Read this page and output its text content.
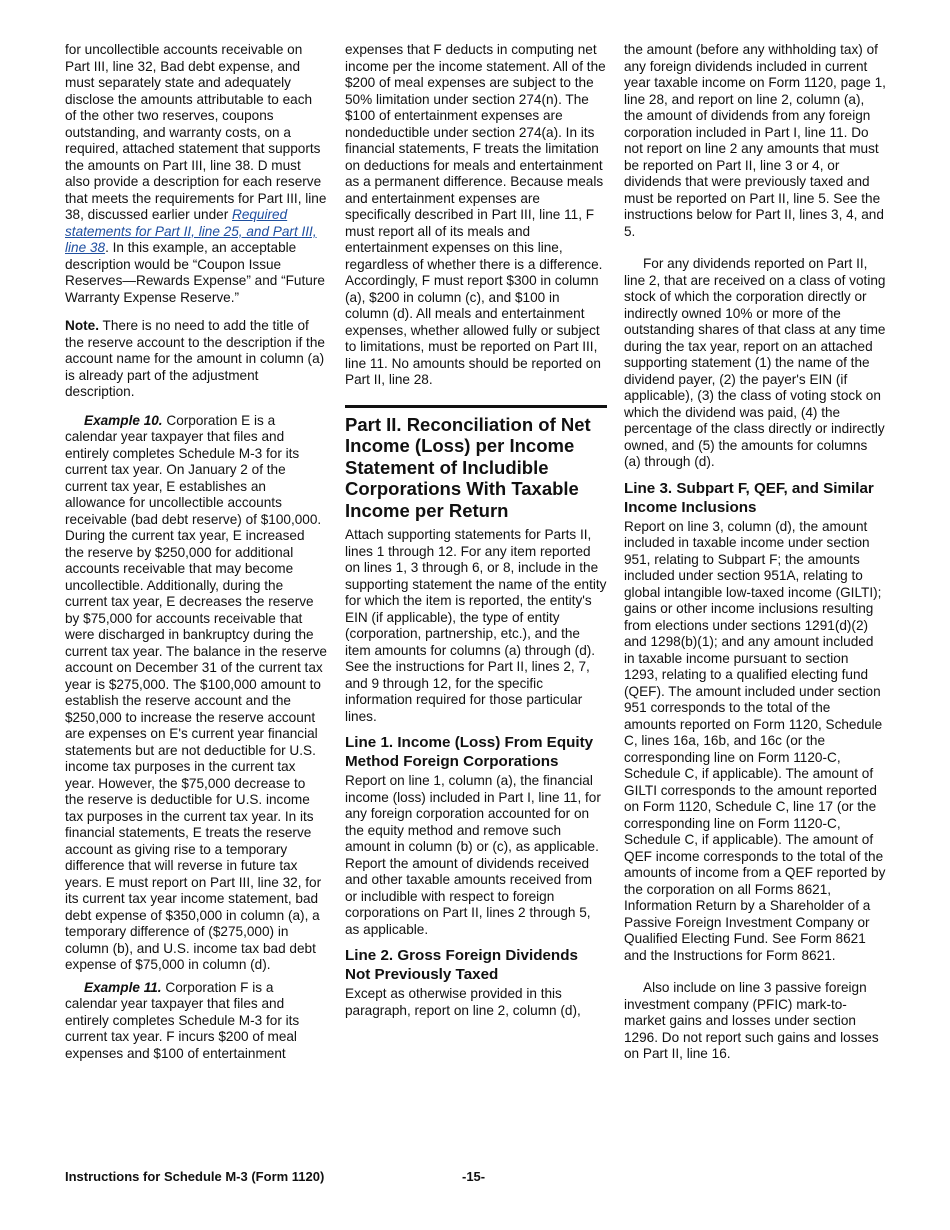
for uncollectible accounts receivable on Part III, line 32, Bad debt expense, and must separately state and adequately disclose the amounts attributable to each of the other two reserves, coupons outstanding, and warranty costs, on a required, attached statement that supports the amounts on Part III, line 38. D must also provide a description for each reserve that meets the requirements for Part III, line 38, discussed earlier under Required statements for Part II, line 25, and Part III, line 38. In this example, an acceptable description would be “Coupon Issue Reserves—Rewards Expense” and “Future Warranty Expense Reserve.”

Note. There is no need to add the title of the reserve account to the description if the account name for the amount in column (a) is already part of the adjustment description.

Example 10. Corporation E is a calendar year taxpayer that files and entirely completes Schedule M-3 for its current tax year. On January 2 of the current tax year, E establishes an allowance for uncollectible accounts receivable (bad debt reserve) of $100,000. During the current tax year, E increased the reserve by $250,000 for additional accounts receivable that may become uncollectible. Additionally, during the current tax year, E decreases the reserve by $75,000 for accounts receivable that were discharged in bankruptcy during the current tax year. The balance in the reserve account on December 31 of the current tax year is $275,000. The $100,000 amount to establish the reserve account and the $250,000 to increase the reserve account are expenses on E's current year financial statements but are not deductible for U.S. income tax purposes in the current tax year. However, the $75,000 decrease to the reserve is deductible for U.S. income tax purposes in the current tax year. In its financial statements, E treats the reserve account as giving rise to a temporary difference that will reverse in future tax years. E must report on Part III, line 32, for its current tax year income statement, bad debt expense of $350,000 in column (a), a temporary difference of ($275,000) in column (b), and U.S. income tax bad debt expense of $75,000 in column (d).

Example 11. Corporation F is a calendar year taxpayer that files and entirely completes Schedule M-3 for its current tax year. F incurs $200 of meal expenses and $100 of entertainment

expenses that F deducts in computing net income per the income statement. All of the $200 of meal expenses are subject to the 50% limitation under section 274(n). The $100 of entertainment expenses are nondeductible under section 274(a). In its financial statements, F treats the limitation on deductions for meals and entertainment as a permanent difference. Because meals and entertainment expenses are specifically described in Part III, line 11, F must report all of its meals and entertainment expenses on this line, regardless of whether there is a difference. Accordingly, F must report $300 in column (a), $200 in column (c), and $100 in column (d). All meals and entertainment expenses, whether allowed fully or subject to limitations, must be reported on Part III, line 11. No amounts should be reported on Part II, line 28.

Part II. Reconciliation of Net Income (Loss) per Income Statement of Includible Corporations With Taxable Income per Return

Attach supporting statements for Parts II, lines 1 through 12. For any item reported on lines 1, 3 through 6, or 8, include in the supporting statement the name of the entity for which the item is reported, the entity's EIN (if applicable), the type of entity (corporation, partnership, etc.), and the item amounts for columns (a) through (d). See the instructions for Part II, lines 2, 7, and 9 through 12, for the specific information required for those particular lines.

Line 1. Income (Loss) From Equity Method Foreign Corporations

Report on line 1, column (a), the financial income (loss) included in Part I, line 11, for any foreign corporation accounted for on the equity method and remove such amount in column (b) or (c), as applicable. Report the amount of dividends received and other taxable amounts received from or includible with respect to foreign corporations on Part II, lines 2 through 5, as applicable.

Line 2. Gross Foreign Dividends Not Previously Taxed

Except as otherwise provided in this paragraph, report on line 2, column (d),

the amount (before any withholding tax) of any foreign dividends included in current year taxable income on Form 1120, page 1, line 28, and report on line 2, column (a), the amount of dividends from any foreign corporation included in Part I, line 11. Do not report on line 2 any amounts that must be reported on Part II, line 3 or 4, or dividends that were previously taxed and must be reported on Part II, line 5. See the instructions below for Part II, lines 3, 4, and 5.

For any dividends reported on Part II, line 2, that are received on a class of voting stock of which the corporation directly or indirectly owned 10% or more of the outstanding shares of that class at any time during the tax year, report on an attached supporting statement (1) the name of the dividend payer, (2) the payer's EIN (if applicable), (3) the class of voting stock on which the dividend was paid, (4) the percentage of the class directly or indirectly owned, and (5) the amounts for columns (a) through (d).

Line 3. Subpart F, QEF, and Similar Income Inclusions

Report on line 3, column (d), the amount included in taxable income under section 951, relating to Subpart F; the amounts included under section 951A, relating to global intangible low-taxed income (GILTI); gains or other income inclusions resulting from elections under sections 1291(d)(2) and 1298(b)(1); and any amount included in taxable income pursuant to section 1293, relating to a qualified electing fund (QEF). The amount included under section 951 corresponds to the total of the amounts reported on Form 1120, Schedule C, lines 16a, 16b, and 16c (or the corresponding line on Form 1120-C, Schedule C, if applicable). The amount of GILTI corresponds to the amount reported on Form 1120, Schedule C, line 17 (or the corresponding line on Form 1120-C, Schedule C, if applicable). The amount of QEF income corresponds to the total of the amounts of income from a QEF reported by the corporation on all Forms 8621, Information Return by a Shareholder of a Passive Foreign Investment Company or Qualified Electing Fund. See Form 8621 and the Instructions for Form 8621.

Also include on line 3 passive foreign investment company (PFIC) mark-to-market gains and losses under section 1296. Do not report such gains and losses on Part II, line 16.

Instructions for Schedule M-3 (Form 1120)	-15-
